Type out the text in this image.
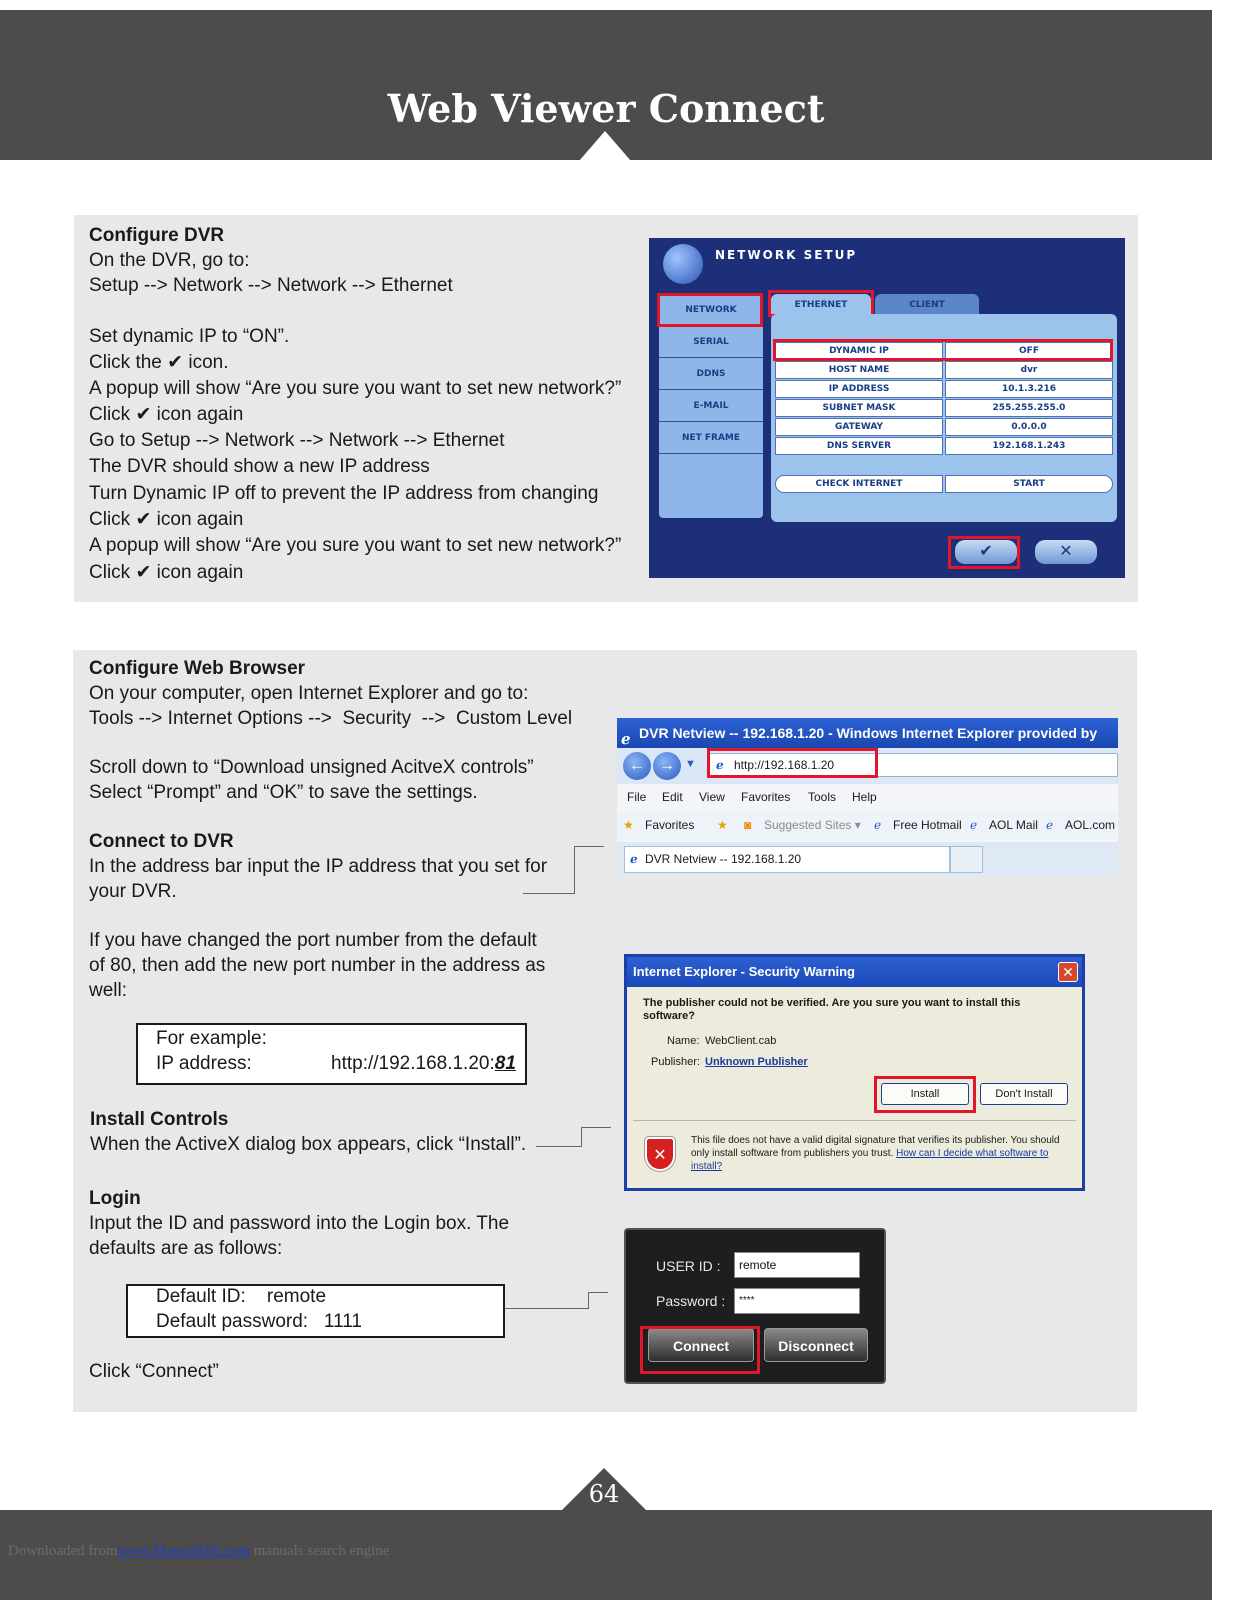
Web Viewer Connect
Configure DVR
On the DVR, go to:
Setup --> Network --> Network --> Ethernet
Set dynamic IP to “ON”.
Click the ✔ icon.
A popup will show “Are you sure you want to set new network?”
Click ✔ icon again
Go to Setup --> Network --> Network --> Ethernet
The DVR should show a new IP address
Turn Dynamic IP off to prevent the IP address from changing
Click ✔ icon again
A popup will show “Are you sure you want to set new network?”
Click ✔ icon again
NETWORK SETUP
NETWORK
SERIAL
DDNS
E-MAIL
NET FRAME
ETHERNET	CLIENT
DYNAMIC IP	OFF
HOST NAME	dvr
IP ADDRESS	10.1.3.216
SUBNET MASK	255.255.255.0
GATEWAY	0.0.0.0
DNS SERVER	192.168.1.243
CHECK INTERNET	START
✔	✕
Configure Web Browser
On your computer, open Internet Explorer and go to:
Tools --> Internet Options -->  Security  -->  Custom Level
Scroll down to “Download unsigned AcitveX controls”
Select “Prompt” and “OK” to save the settings.
Connect to DVR
In the address bar input the IP address that you set for
your DVR.
If you have changed the port number from the default
of 80, then add the new port number in the address as
well:
For example:
IP address:	http://192.168.1.20:81
Install Controls
When the ActiveX dialog box appears, click “Install”.
Login
Input the ID and password into the Login box. The
defaults are as follows:
Default ID: remote
Default password: 1111
Click “Connect”
ℯ DVR Netview -- 192.168.1.20 - Windows Internet Explorer provided by
← → ▼ ℯ http://192.168.1.20
File Edit View Favorites Tools Help
★ Favorites ★ ◙ Suggested Sites ▾ ℯ Free Hotmail ℯ AOL Mail ℯ AOL.com
ℯ DVR Netview -- 192.168.1.20
Internet Explorer - Security Warning	✕
The publisher could not be verified. Are you sure you want to install this software?
Name: WebClient.cab
Publisher: Unknown Publisher
Install	Don't Install
✕
This file does not have a valid digital signature that verifies its publisher. You should only install software from publishers you trust. How can I decide what software to install?
USER ID :	remote
Password :	****
Connect	Disconnect
64
Downloaded fromwww.Manualslib.com manuals search engine
